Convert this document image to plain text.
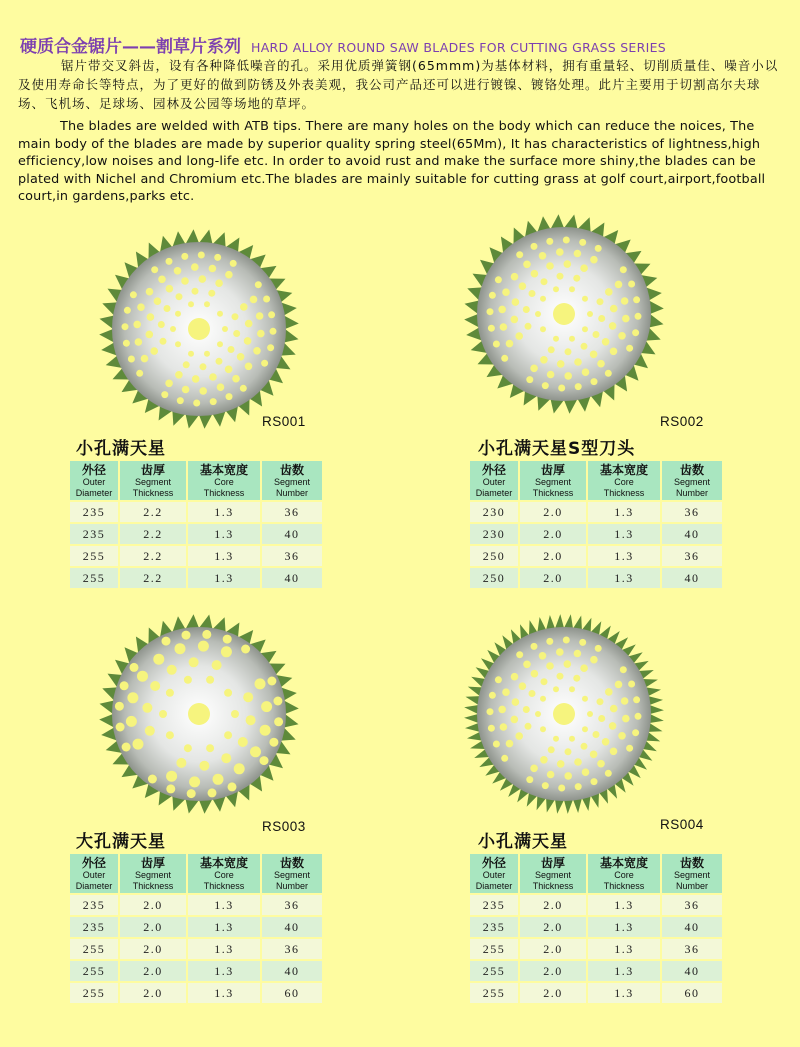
硬质合金锯片——割草片系列 HARD ALLOY ROUND SAW BLADES FOR CUTTING GRASS SERIES
锯片带交叉斜齿，设有各种降低噪音的孔。采用优质弹簧钢(65mmm)为基体材料，拥有重量轻、切削质量佳、噪音小以及使用寿命长等特点，为了更好的做到防锈及外表美观，我公司产品还可以进行镀镍、镀铬处理。此片主要用于切割高尔夫球场、飞机场、足球场、园林及公园等场地的草坪。
The blades are welded with ATB tips. There are many holes on the body which can reduce the noices, The main body of the blades are made by superior quality spring steel(65Mm), It has characteristics of lightness,high efficiency,low noises and long-life etc. In order to avoid rust and make the surface more shiny,the blades can be plated with Nichel and Chromium etc.The blades are mainly suitable for cutting grass at golf court,airport,football court,in gardens,parks etc.
RS001
小孔满天星
外径
Outer
Diameter	齿厚
Segment
Thickness	基本宽度
Core
Thickness	齿数
Segment
Number

235	2.2	1.3	36
235	2.2	1.3	40
255	2.2	1.3	36
255	2.2	1.3	40
RS002
小孔满天星S型刀头
外径
Outer
Diameter	齿厚
Segment
Thickness	基本宽度
Core
Thickness	齿数
Segment
Number

230	2.0	1.3	36
230	2.0	1.3	40
250	2.0	1.3	36
250	2.0	1.3	40
RS003
大孔满天星
外径
Outer
Diameter	齿厚
Segment
Thickness	基本宽度
Core
Thickness	齿数
Segment
Number

235	2.0	1.3	36
235	2.0	1.3	40
255	2.0	1.3	36
255	2.0	1.3	40
255	2.0	1.3	60
RS004
小孔满天星
外径
Outer
Diameter	齿厚
Segment
Thickness	基本宽度
Core
Thickness	齿数
Segment
Number

235	2.0	1.3	36
235	2.0	1.3	40
255	2.0	1.3	36
255	2.0	1.3	40
255	2.0	1.3	60
